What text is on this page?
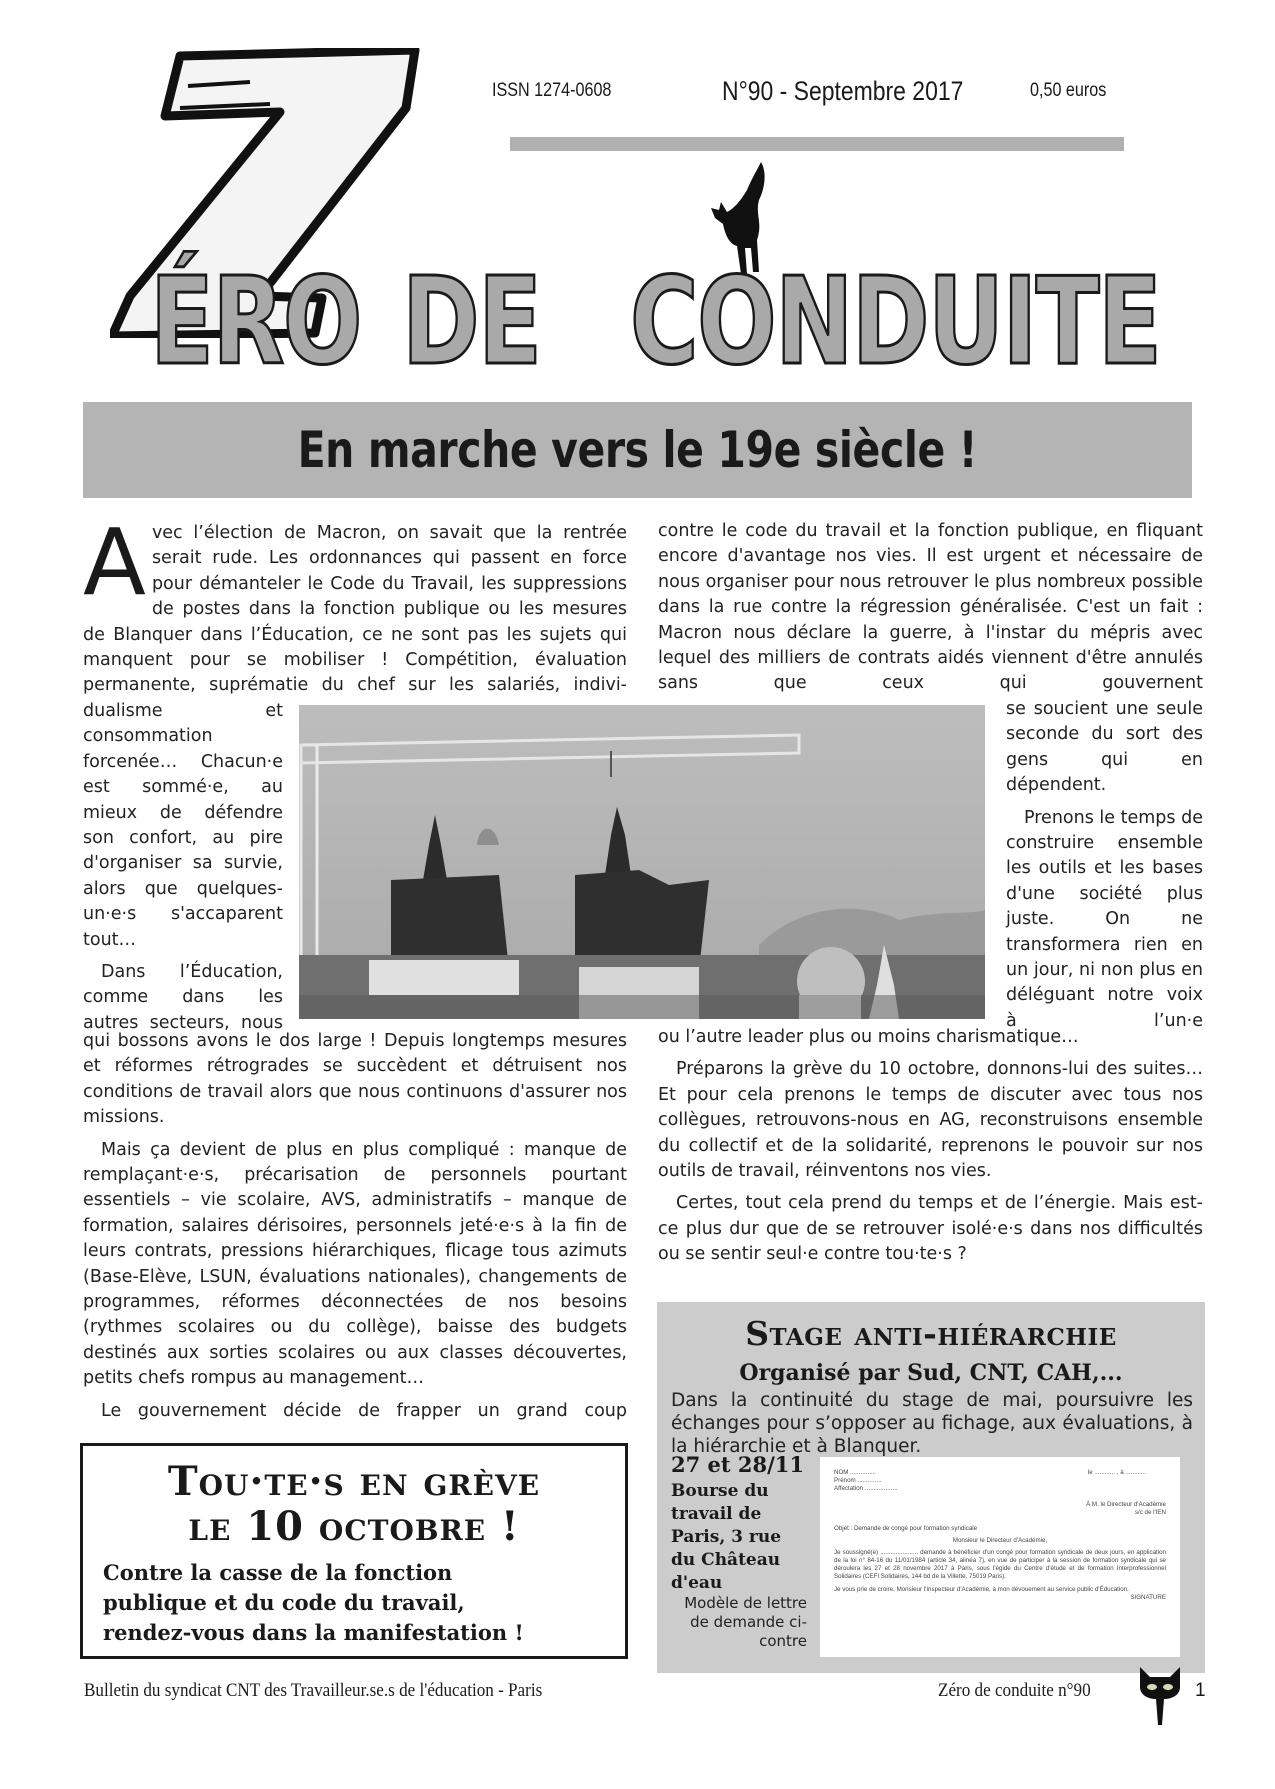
ISSN 1274-0608	N°90 - Septembre 2017	0,50 euros
ÉRO DE CONDUITE
En marche vers le 19e siècle !

Avec l’élection de Macron, on savait que la rentrée serait rude. Les ordonnances qui passent en force pour démanteler le Code du Travail, les suppressions de postes dans la fonction publique ou les mesures de Blanquer dans l’Éducation, ce ne sont pas les sujets qui manquent pour se mobiliser ! Compétition, évaluation permanente, suprématie du chef sur les salariés, indivi-

dualisme et consommation forcenée… Chacun·e est sommé·e, au mieux de défendre son confort, au pire d'organiser sa survie, alors que quelques-un·e·s s'accaparent tout…

Dans l’Éducation, comme dans les autres secteurs, nous

qui bossons avons le dos large ! Depuis longtemps mesures et réformes rétrogrades se succèdent et détruisent nos conditions de travail alors que nous continuons d'assurer nos missions.

Mais ça devient de plus en plus compliqué : manque de remplaçant·e·s, précarisation de personnels pourtant essentiels – vie scolaire, AVS, administratifs – manque de formation, salaires dérisoires, personnels jeté·e·s à la fin de leurs contrats, pressions hiérarchiques, flicage tous azimuts (Base-Elève, LSUN, évaluations nationales), changements de programmes, réformes déconnectées de nos besoins (rythmes scolaires ou du collège), baisse des budgets destinés aux sorties scolaires ou aux classes découvertes, petits chefs rompus au management…

Le gouvernement décide de frapper un grand coup

contre le code du travail et la fonction publique, en fliquant encore d'avantage nos vies. Il est urgent et nécessaire de nous organiser pour nous retrouver le plus nombreux possible dans la rue contre la régression généralisée. C'est un fait : Macron nous déclare la guerre, à l'instar du mépris avec lequel des milliers de contrats aidés viennent d'être annulés sans que ceux qui gouvernent

se soucient une seule seconde du sort des gens qui en dépendent.

Prenons le temps de construire ensemble les outils et les bases d'une société plus juste. On ne transformera rien en un jour, ni non plus en déléguant notre voix à l’un·e

ou l’autre leader plus ou moins charismatique…

Préparons la grève du 10 octobre, donnons-lui des suites… Et pour cela prenons le temps de discuter avec tous nos collègues, retrouvons-nous en AG, reconstruisons ensemble du collectif et de la solidarité, reprenons le pouvoir sur nos outils de travail, réinventons nos vies.

Certes, tout cela prend du temps et de l’énergie. Mais est-ce plus dur que de se retrouver isolé·e·s dans nos difficultés ou se sentir seul·e contre tou·te·s ?

Tou·te·s en grève
le 10 octobre !
Contre la casse de la fonction
publique et du code du travail,
rendez-vous dans la manifestation !
Stage anti-hiérarchie
Organisé par Sud, CNT, CAH,...

Dans la continuité du stage de mai, poursuivre les échanges pour s’opposer au fichage, aux évaluations, à la hiérarchie et à Blanquer.

27 et 28/11
Bourse du travail de Paris, 3 rue du Château d'eau
Modèle de lettre de demande ci-contre
NOM ...............
Prénom ..............
Affectation ...................
le ............ , à ............
À M. le Directeur d'Académie
s/c de l'IEN
Objet : Demande de congé pour formation syndicale
Monsieur le Directeur d'Académie,
Je soussigné(e) ...................... demande à bénéficier d'un congé pour formation syndicale de deux jours, en application de la loi n° 84-16 du 11/01/1984 (article 34, alinéa 7), en vue de participer à la session de formation syndicale qui se déroulera les 27 et 28 novembre 2017 à Paris, sous l'égide du Centre d'étude et de formation Interprofessionnel Solidaires (CEFI Solidaires, 144 bd de la Villette, 75019 Paris).
Je vous prie de croire, Monsieur l'Inspecteur d'Académie, à mon dévouement au service public d'Éducation.
SIGNATURE
Bulletin du syndicat CNT des Travailleur.se.s de l'éducation - Paris	Zéro de conduite n°90	1
